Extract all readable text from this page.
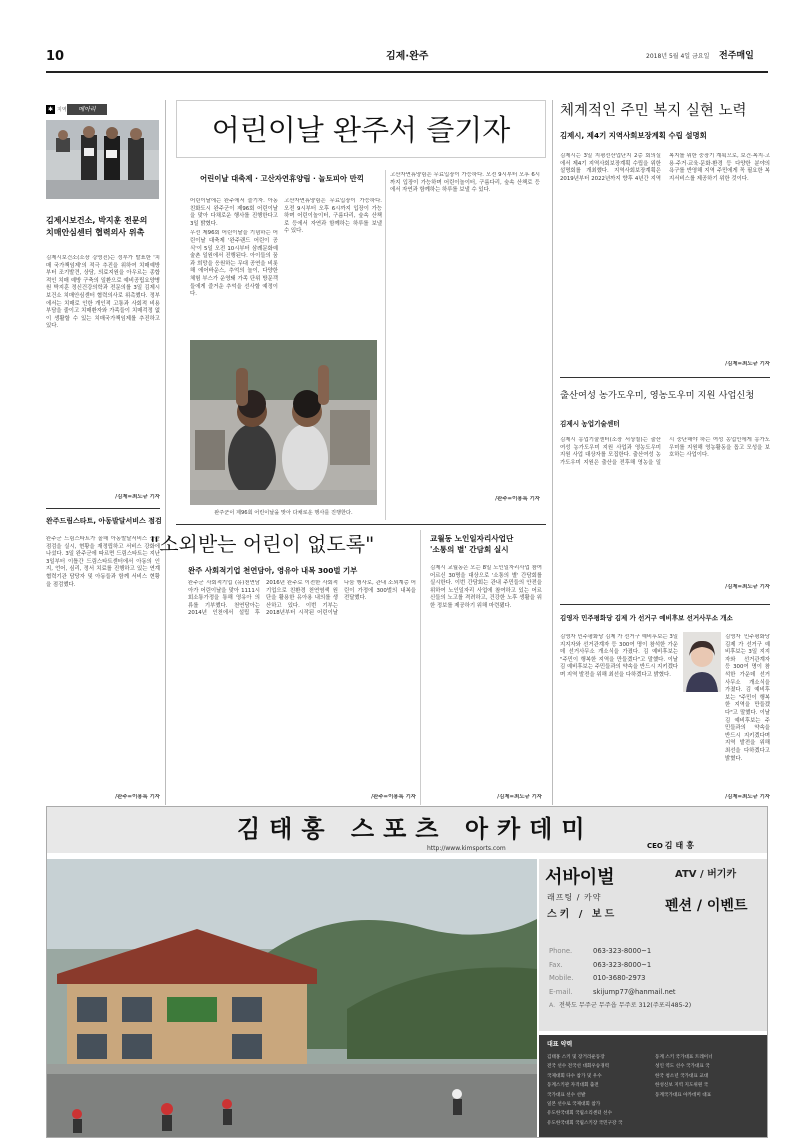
10	김제·완주	2018년 5월 4일 금요일 전주매일
✱ 지역	메아리
김제시보건소, 박지훈 전문의
치매안심센터 협력의사 위촉
김제시보건소(소장 강영진)는 정부가 발표한 '치매 국가책임제'의 적극 추진을 위하여 치매예방부터 조기발견, 상담, 의료지원을 아우르는 종합적인 치매 예방 구축의 일환으로 예비공립요양병원 박지훈 정신건강의학과 전문의를 3일 김제시 보건소 치매안심센터 협력의사로 위촉했다. 정부에서는 치매로 인한 개인적 고통과 사회적 비용 부담을 줄이고 치매환자와 가족들이 치매걱정 없이 생활할 수 있는 치매국가책임제를 추진하고 있다.
/김제=최도규 기자
완주드림스타트, 아동발달서비스 점검
완주군 드림스타트가 올해 아동발달서비스 중간점검을 실시, 현황을 재정립하고 서비스 강화에 나섰다. 3일 완주군에 따르면 드림스타트는 지난 3일부터 이틀간 드림스타트센터에서 아동의 인지, 언어, 심리, 정서 치료를 진행하고 있는 연계협력기관 담당자 및 아동들과 함께 서비스 현황을 점검했다.
/완주=이용록 기자
어린이날 완주서 즐기자
어린이날 대축제 · 고산자연휴양림 · 놀토피아 만끽
어린이날에는 완주에서 즐기자. 아동친화도시 완주군이 제96회 어린이날을 맞아 다채로운 행사를 진행한다고 3일 밝혔다.
우선 제96회 어린이날을 기념하는 어린이날 대축제 '완주랜드 어린이 공식'이 5일 오전 10시부터 삼례문화예술촌 일원에서 진행된다. 아이들의 꿈과 희망을 응원하는 무대 공연을 비롯해 에어바운스, 추억의 놀이, 다양한 체험 부스가 운영돼 가족 단위 방문객들에게 즐거운 추억을 선사할 예정이다.
고산자연휴양림은 무료입장이 가능하다. 오전 9시부터 오후 6시까지 입장이 가능하며 어린이놀이터, 구름다리, 숲속 산책로 등에서 자연과 함께하는 하루를 보낼 수 있다.
완주군이 제96회 어린이날을 맞아 다채로운 행사를 진행한다.
고산자연휴양림은 무료입장이 가능하다. 오전 9시부터 오후 6시까지 입장이 가능하며 어린이놀이터, 구름다리, 숲속 산책로 등에서 자연과 함께하는 하루를 보낼 수 있다.
/완주=이용록 기자
"소외받는 어린이 없도록"
완주 사회적기업 천연담아, 영유아 내복 300벌 기부
완주군 사회적기업 (유)천연담아가 어린이날을 맞아 1111시회소통가정을 통해 영유아 의류를 기부했다. 천연담아는 2014년 인천에서 설립 후 2016년 완주로 이전한 사회적기업으로 친환경 천연염색 원단을 활용한 유아용 내의를 생산하고 있다. 이번 기부는 2018년부터 시작된 어린이날 나눔 행사로, 관내 소외계층 어린이 가정에 300벌의 내복을 전달했다.
/완주=이용록 기자
교월동 노인일자리사업단
'소통의 별' 간담회 실시
김제시 교월동은 오는 8일 노인일자리사업 참여 어르신 30명을 대상으로 '소통의 별' 간담회를 실시한다. 이번 간담회는 관내 주민들의 안전을 위하여 노인일자리 사업에 참여하고 있는 어르신들의 노고를 격려하고, 건강한 노후 생활을 위한 정보를 제공하기 위해 마련됐다.
/김제=최도규 기자
체계적인 주민 복지 실현 노력
김제시, 제4기 지역사회보장계획 수립 설명회
김제시는 3일 지평선산업단지 2층 회의실에서 제4기 지역사회보장계획 수립을 위한 설명회를 개최했다. 지역사회보장계획은 2019년부터 2022년까지 향후 4년간 지역 복지를 위한 중장기 계획으로, 보건·복지·고용·주거·교육·문화·환경 등 다양한 분야의 욕구를 반영해 지역 주민에게 꼭 필요한 복지서비스를 제공하기 위한 것이다.
/김제=최도규 기자
출산여성 농가도우미, 영농도우미 지원 사업신청
김제시 농업기술센터
김제시 농업기술센터(소장 서상칠)는 출산여성 농가도우미 지원 사업과 영농도우미 지원 사업 대상자를 모집한다. 출산여성 농가도우미 지원은 출산을 전후해 영농을 일시 중단해야 하는 여성 농업인에게 농가도우미를 지원해 영농활동을 돕고 모성을 보호하는 사업이다.
/김제=최도규 기자
김영자 민주평화당 김제 가 선거구 예비후보 선거사무소 개소
김영자 민주평화당 김제 가 선거구 예비후보는 3일 지지자와 선거관계자 등 300여 명이 참석한 가운데 선거사무소 개소식을 가졌다. 김 예비후보는 "주민이 행복한 지역을 만들겠다"고 말했다. 이날 김 예비후보는 주민들과의 약속을 반드시 지키겠다며 지역 발전을 위해 최선을 다하겠다고 밝혔다.
김영자 민주평화당 김제 가 선거구 예비후보는 3일 지지자와 선거관계자 등 300여 명이 참석한 가운데 선거사무소 개소식을 가졌다. 김 예비후보는 "주민이 행복한 지역을 만들겠다"고 말했다. 이날 김 예비후보는 주민들과의 약속을 반드시 지키겠다며 지역 발전을 위해 최선을 다하겠다고 밝혔다.
/김제=최도규 기자
김태홍 스포츠 아카데미
http://www.kimsports.com	CEO 김태홍
서바이벌
래프팅 / 카약
스키 / 보드
ATV / 버기카
펜션 / 이벤트
Phone.	063-323-8000~1
Fax.	063-323-8000~1
Mobile.	010-3680-2973
E-mail.	skijump77@hanmail.net
A. 전북도 무주군 무주읍 무주로 312(주포리485-2)
대표 약력
김태홍 스키 및 장거리운동장
전국 선수 전국선 대회우승경력
국제대회 다수 참가 및 우수
동계스키관 자격대회 출전
국가대표 선수 선발
일본 선수로 국제대회 참가
유도한국대회 국립소리센터 선수
유도한국대회 국립스키장 국민구강 국
동계 스키 국가대표 트레이너
성인 역도 선수 국가대표 국
한국 청소년 국가대표 교대
한성신보 지역 지도위원 국
동계국가대표 아카데미 대표
